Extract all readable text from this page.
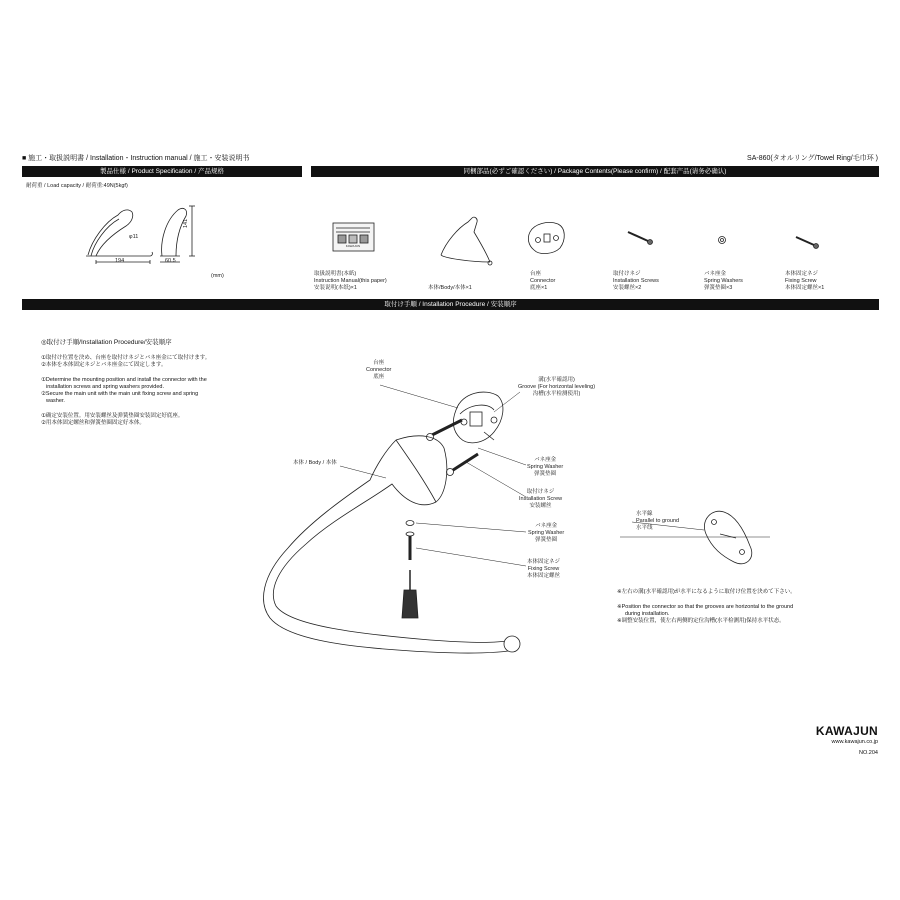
■ 施工・取扱説明書 / Installation・Instruction manual / 施工・安装说明书	SA-860(タオルリング/Towel Ring/毛巾环 )
製品仕様 / Product Specification / 产品规格	同梱部品(必ずご確認ください) / Package Contents(Please confirm) / 配套产品(请务必确认)
取付け手順 / Installation Procedure / 安装顺序
耐荷重 / Load capacity / 耐荷重:49N(5kgf)
φ11
141
194	60.5
(mm)	取扱説明書(本紙)
Instruction Manual(this paper)
安装说明(本纸)×1	本体/Body/本体×1
台座
Connector
底座×1
取付けネジ
Installation Screws
安装螺丝×2
バネ座金
Spring Washers
弹簧垫圈×3
本体固定ネジ
Fixing Screw
本体固定螺丝×1
◎取付け手順/Installation Procedure/安装顺序
①取付け位置を決め、台座を取付けネジとバネ座金にて取付けます。
②本体を本体固定ネジとバネ座金にて固定します。
①Determine the mounting position and install the connector with the
installation screws and spring washers provided.
②Secure the main unit with the main unit fixing screw and spring
washer.
①确定安装位置。用安装螺丝及弹簧垫圈安装固定好底座。
②用本体固定螺丝和弹簧垫圈固定好本体。
台座
Connector
底座	溝(水平確認用)
Groove (For horizontal leveling)
沟槽(水平检测使用)
本体 / Body / 本体	バネ座金
Spring Washer
弹簧垫圈
取付けネジ
Installation Screw
安装螺丝
バネ座金
Spring Washer
弹簧垫圈
本体固定ネジ
Fixing Screw
本体固定螺丝
水平線
Parallel to ground
水平线
※左右の溝(水平確認用)が水平になるように取付け位置を決めて下さい。
※Position the connector so that the grooves are horizontal to the ground
during installation.
※调整安装位置，使左右两侧的定位沟槽(水平检测用)保持水平状态。
KAWAJUN
www.kawajun.co.jp
NO.204
KAWAJUN
